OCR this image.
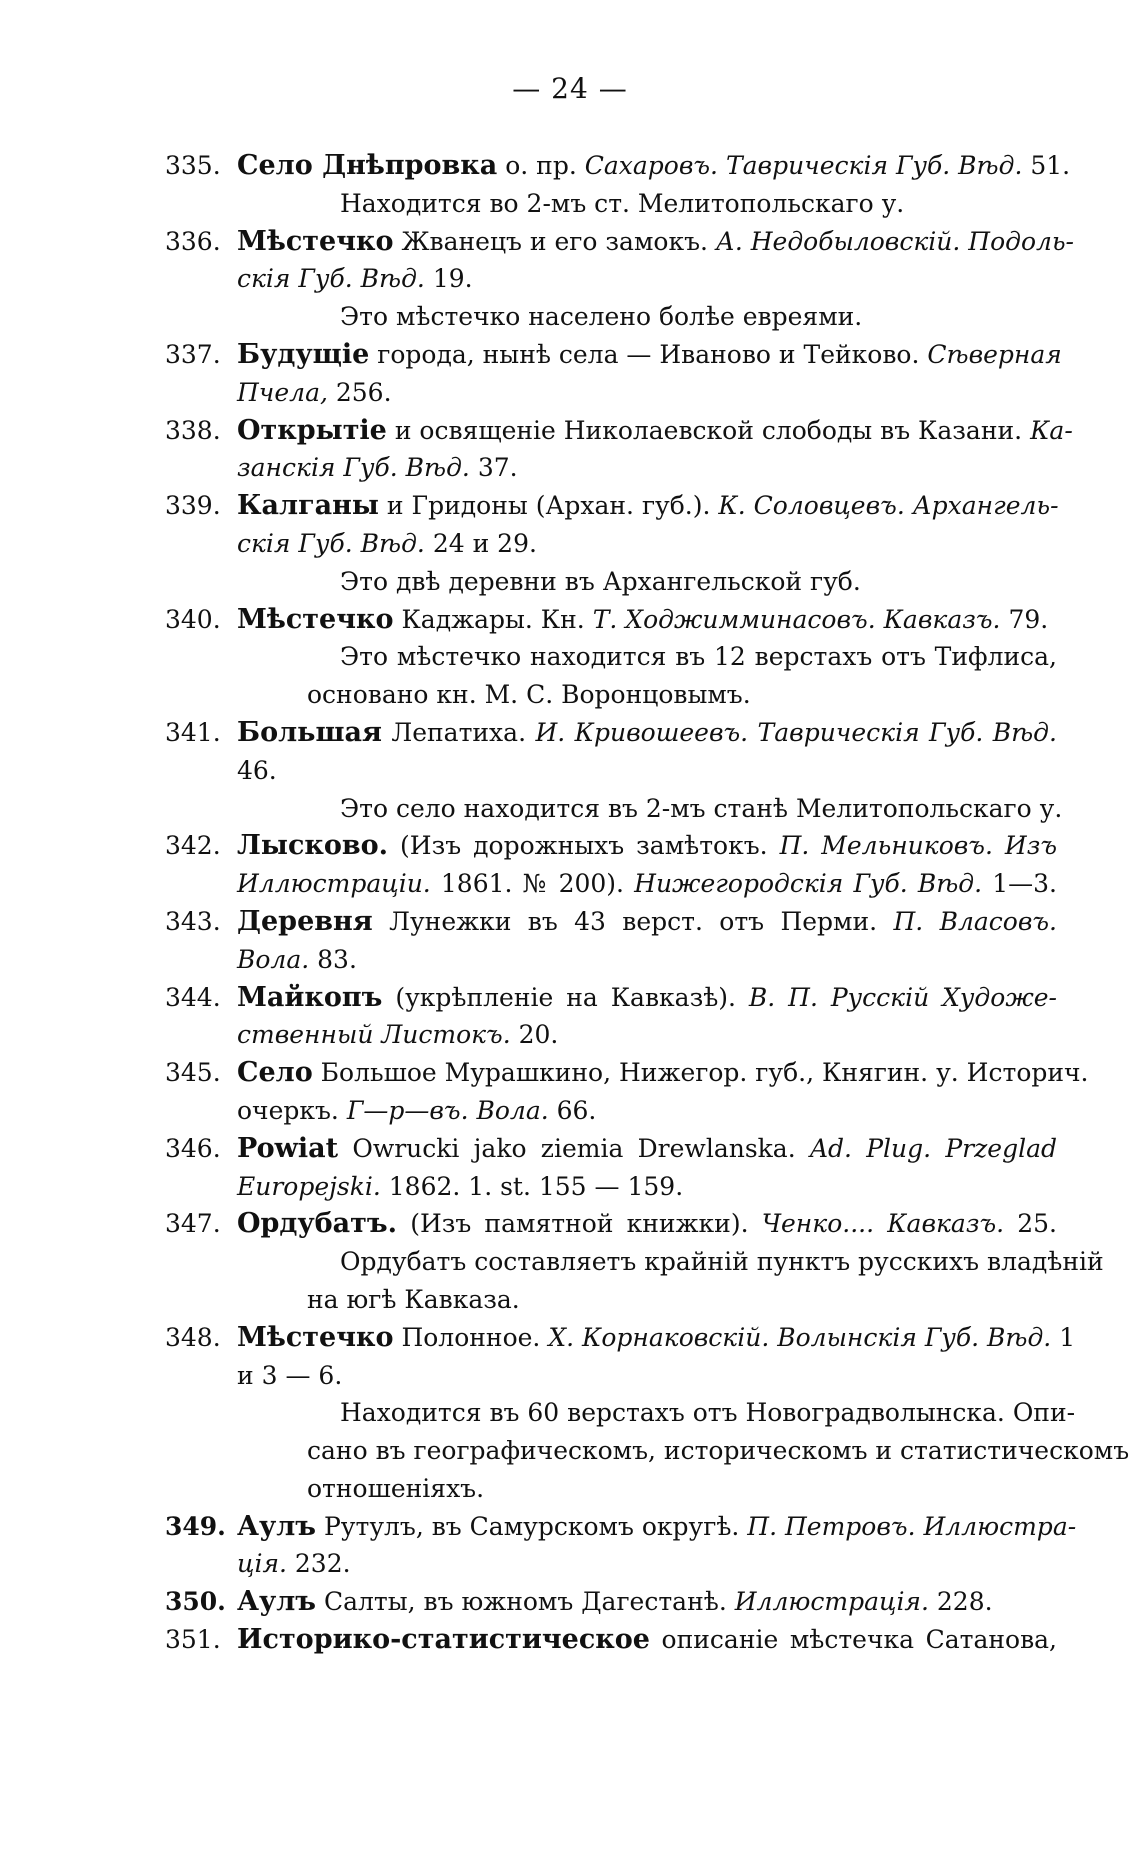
— 24 —
335. Село Днѣпровка о. пр. Сахаровъ. Таврическія Губ. Вѣд. 51.
Находится во 2-мъ ст. Мелитопольскаго у.
336. Мѣстечко Жванецъ и его замокъ. А. Недобыловскій. Подоль-
скія Губ. Вѣд. 19.
Это мѣстечко населено болѣе евреями.
337. Будущіе города, нынѣ села — Иваново и Тейково. Сѣверная
Пчела, 256.
338. Открытіе и освященіе Николаевской слободы въ Казани. Ка-
занскія Губ. Вѣд. 37.
339. Калганы и Гридоны (Архан. губ.). К. Соловцевъ. Архангель-
скія Губ. Вѣд. 24 и 29.
Это двѣ деревни въ Архангельской губ.
340. Мѣстечко Каджары. Кн. Т. Ходжимминасовъ. Кавказъ. 79.
Это мѣстечко находится въ 12 верстахъ отъ Тифлиса,
основано кн. М. С. Воронцовымъ.
341. Большая Лепатиха. И. Кривошеевъ. Таврическія Губ. Вѣд.
46.
Это село находится въ 2-мъ станѣ Мелитопольскаго у.
342. Лысково. (Изъ дорожныхъ замѣтокъ. П. Мельниковъ. Изъ
Иллюстраціи. 1861. № 200). Нижегородскія Губ. Вѣд. 1—3.
343. Деревня Лунежки въ 43 верст. отъ Перми. П. Власовъ.
Вола. 83.
344. Майкопъ (укрѣпленіе на Кавказѣ). В. П. Русскій Художе-
ственный Листокъ. 20.
345. Село Большое Мурашкино, Нижегор. губ., Княгин. у. Историч.
очеркъ. Г—р—въ. Вола. 66.
346. Powiat Owrucki jako ziemia Drewlanska. Ad. Plug. Przeglad
Europejski. 1862. 1. st. 155 — 159.
347. Ордубатъ. (Изъ памятной книжки). Ченко.... Кавказъ. 25.
Ордубатъ составляетъ крайній пунктъ русскихъ владѣній
на югѣ Кавказа.
348. Мѣстечко Полонное. Х. Корнаковскій. Волынскія Губ. Вѣд. 1
и 3 — 6.
Находится въ 60 верстахъ отъ Новоградволынска. Опи-
сано въ географическомъ, историческомъ и статистическомъ
отношеніяхъ.
349. Аулъ Рутулъ, въ Самурскомъ округѣ. П. Петровъ. Иллюстра-
ція. 232.
350. Аулъ Салты, въ южномъ Дагестанѣ. Иллюстрація. 228.
351. Историко-статистическое описаніе мѣстечка Сатанова,
